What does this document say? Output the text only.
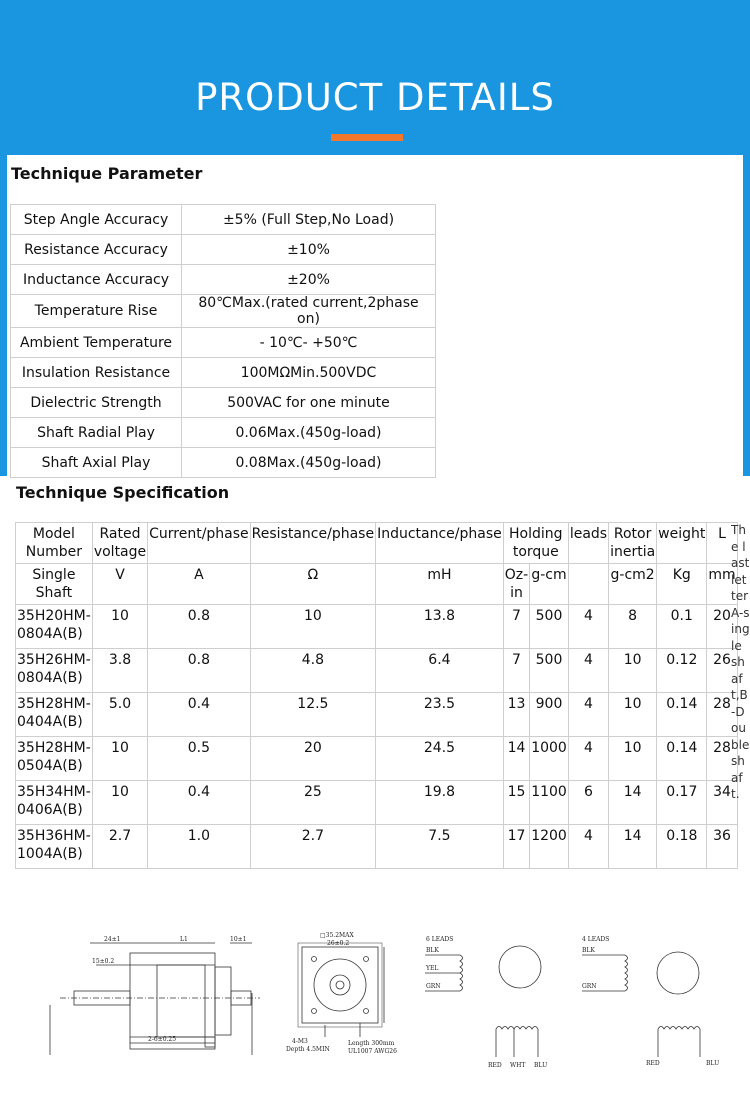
PRODUCT DETAILS
Technique Parameter
Step Angle Accuracy	±5% (Full Step,No Load)
Resistance Accuracy	±10%
Inductance Accuracy	±20%
Temperature Rise	80℃Max.(rated current,2phase on)
Ambient Temperature	- 10℃- +50℃
Insulation Resistance	100MΩMin.500VDC
Dielectric Strength	500VAC for one minute
Shaft Radial Play	0.06Max.(450g-load)
Shaft Axial Play	0.08Max.(450g-load)
Technique Specification
Model Number	Rated voltage	Current/phase	Resistance/phase	Inductance/phase	Holding torque		leads	Rotor inertia	weight	L
Single Shaft	V	A	Ω	mH	Oz-in	g-cm		g-cm2	Kg	mm
35H20HM-0804A(B)	10	0.8	10	13.8	7	500	4	8	0.1	20
35H26HM-0804A(B)	3.8	0.8	4.8	6.4	7	500	4	10	0.12	26
35H28HM-0404A(B)	5.0	0.4	12.5	23.5	13	900	4	10	0.14	28
35H28HM-0504A(B)	10	0.5	20	24.5	14	1000	4	10	0.14	28
35H34HM-0406A(B)	10	0.4	25	19.8	15	1100	6	14	0.17	34
35H36HM-1004A(B)	2.7	1.0	2.7	7.5	17	1200	4	14	0.18	36
The last letter A-single shaft,B-Double shaft.
24±1	L1	10±1
15±0.2
2-6±0.25
□35.2MAX
26±0.2
4-M3
Depth 4.5MIN
Length 300mm
UL1007 AWG26
6 LEADS
BLK
YEL
GRN
RED WHT BLU
4 LEADS
BLK
GRN
RED	BLU
